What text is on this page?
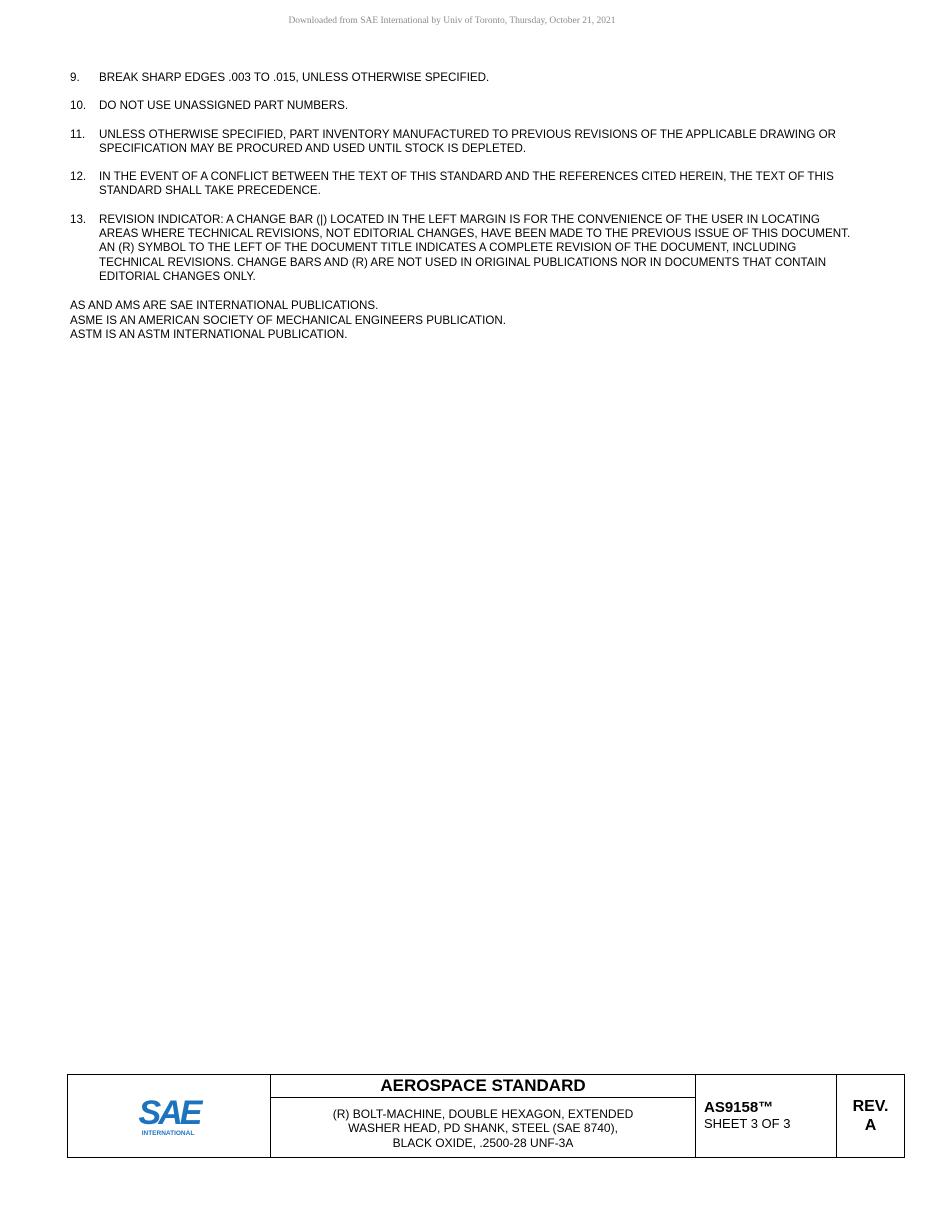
Downloaded from SAE International by Univ of Toronto, Thursday, October 21, 2021
9.	BREAK SHARP EDGES .003 TO .015, UNLESS OTHERWISE SPECIFIED.
10.	DO NOT USE UNASSIGNED PART NUMBERS.
11.	UNLESS OTHERWISE SPECIFIED, PART INVENTORY MANUFACTURED TO PREVIOUS REVISIONS OF THE APPLICABLE DRAWING OR SPECIFICATION MAY BE PROCURED AND USED UNTIL STOCK IS DEPLETED.
12.	IN THE EVENT OF A CONFLICT BETWEEN THE TEXT OF THIS STANDARD AND THE REFERENCES CITED HEREIN, THE TEXT OF THIS STANDARD SHALL TAKE PRECEDENCE.
13.	REVISION INDICATOR: A CHANGE BAR (|) LOCATED IN THE LEFT MARGIN IS FOR THE CONVENIENCE OF THE USER IN LOCATING AREAS WHERE TECHNICAL REVISIONS, NOT EDITORIAL CHANGES, HAVE BEEN MADE TO THE PREVIOUS ISSUE OF THIS DOCUMENT. AN (R) SYMBOL TO THE LEFT OF THE DOCUMENT TITLE INDICATES A COMPLETE REVISION OF THE DOCUMENT, INCLUDING TECHNICAL REVISIONS. CHANGE BARS AND (R) ARE NOT USED IN ORIGINAL PUBLICATIONS NOR IN DOCUMENTS THAT CONTAIN EDITORIAL CHANGES ONLY.
AS AND AMS ARE SAE INTERNATIONAL PUBLICATIONS.
ASME IS AN AMERICAN SOCIETY OF MECHANICAL ENGINEERS PUBLICATION.
ASTM IS AN ASTM INTERNATIONAL PUBLICATION.
SAE
INTERNATIONAL
AEROSPACE STANDARD
(R) BOLT-MACHINE, DOUBLE HEXAGON, EXTENDED
WASHER HEAD, PD SHANK, STEEL (SAE 8740),
BLACK OXIDE, .2500-28 UNF-3A
AS9158™
SHEET 3 OF 3
REV.
A
